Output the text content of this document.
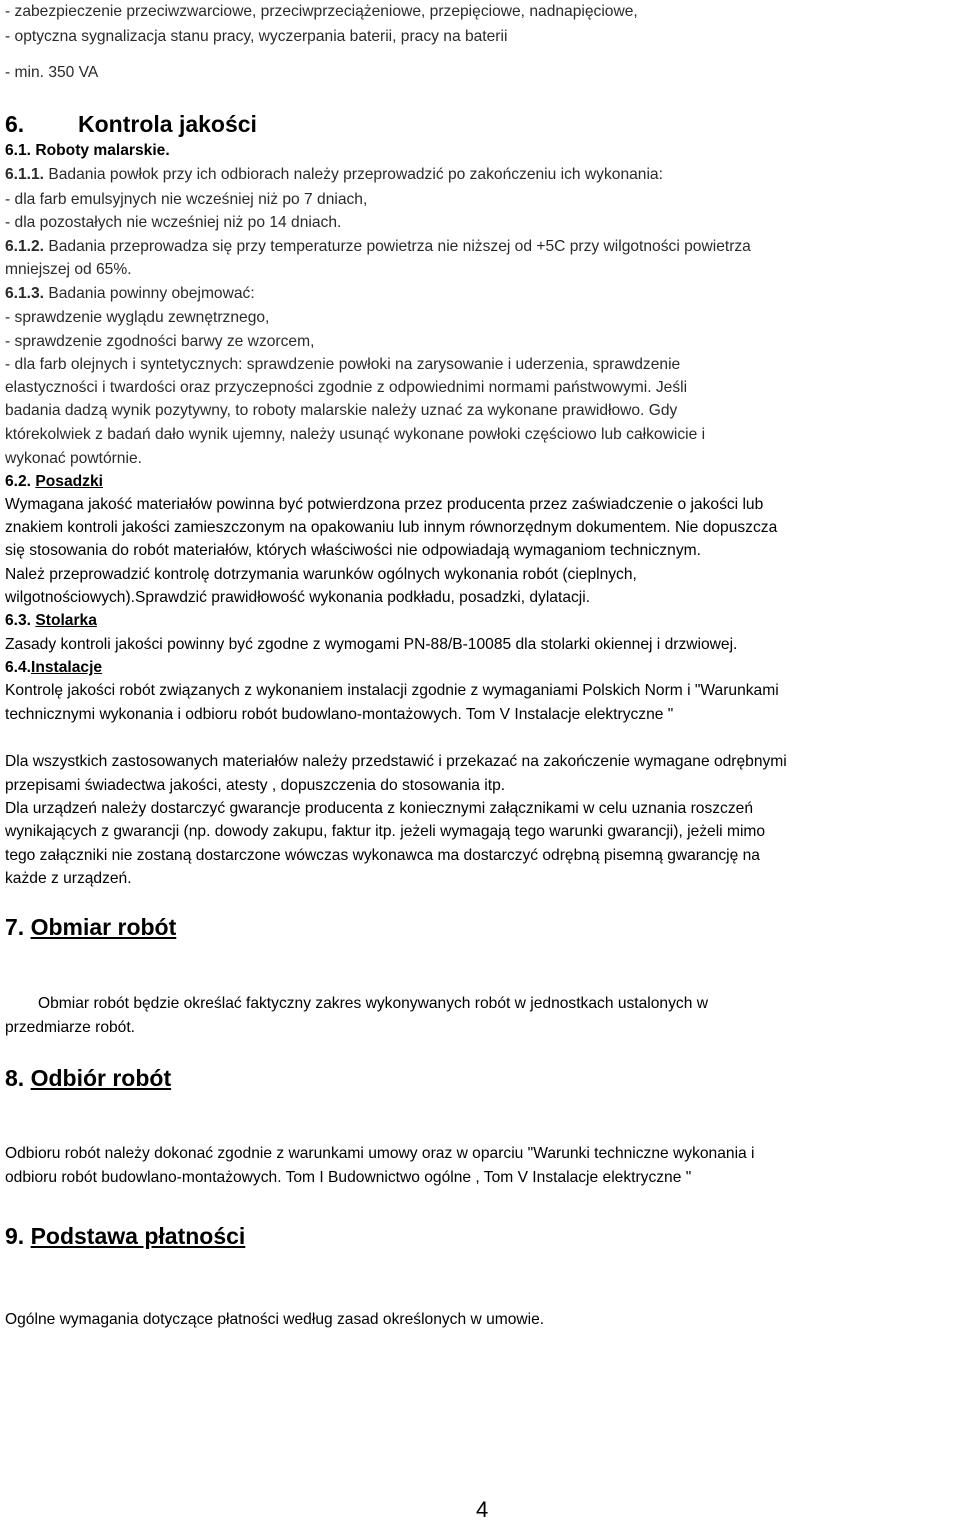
- zabezpieczenie przeciwzwarciowe, przeciwprzeciążeniowe, przepięciowe, nadnapięciowe,
- optyczna sygnalizacja stanu pracy, wyczerpania baterii, pracy na baterii
- min. 350 VA
6. Kontrola jakości
6.1. Roboty malarskie.
6.1.1. Badania powłok przy ich odbiorach należy przeprowadzić po zakończeniu ich wykonania:
- dla farb emulsyjnych nie wcześniej niż po 7 dniach,
- dla pozostałych nie wcześniej niż po 14 dniach.
6.1.2. Badania przeprowadza się przy temperaturze powietrza nie niższej od +5C przy wilgotności powietrza
mniejszej od 65%.
6.1.3. Badania powinny obejmować:
- sprawdzenie wyglądu zewnętrznego,
- sprawdzenie zgodności barwy ze wzorcem,
- dla farb olejnych i syntetycznych: sprawdzenie powłoki na zarysowanie i uderzenia, sprawdzenie
elastyczności i twardości oraz przyczepności zgodnie z odpowiednimi normami państwowymi. Jeśli
badania dadzą wynik pozytywny, to roboty malarskie należy uznać za wykonane prawidłowo. Gdy
którekolwiek z badań dało wynik ujemny, należy usunąć wykonane powłoki częściowo lub całkowicie i
wykonać powtórnie.
6.2. Posadzki
Wymagana jakość materiałów powinna być potwierdzona przez producenta przez zaświadczenie o jakości lub
znakiem kontroli jakości zamieszczonym na opakowaniu lub innym równorzędnym dokumentem. Nie dopuszcza
się stosowania do robót materiałów, których właściwości nie odpowiadają wymaganiom technicznym.
Należ przeprowadzić kontrolę dotrzymania warunków ogólnych wykonania robót (cieplnych,
wilgotnościowych).Sprawdzić prawidłowość wykonania podkładu, posadzki, dylatacji.
6.3. Stolarka
Zasady kontroli jakości powinny być zgodne z wymogami PN-88/B-10085 dla stolarki okiennej i drzwiowej.
6.4.Instalacje
Kontrolę jakości robót związanych z wykonaniem instalacji zgodnie z wymaganiami Polskich Norm i "Warunkami
technicznymi wykonania i odbioru robót budowlano-montażowych. Tom V Instalacje elektryczne "
Dla wszystkich zastosowanych materiałów należy przedstawić i przekazać na zakończenie wymagane odrębnymi
przepisami świadectwa jakości, atesty , dopuszczenia do stosowania itp.
Dla urządzeń należy dostarczyć gwarancje producenta z koniecznymi załącznikami w celu uznania roszczeń
wynikających z gwarancji (np. dowody zakupu, faktur itp. jeżeli wymagają tego warunki gwarancji), jeżeli mimo
tego załączniki nie zostaną dostarczone wówczas wykonawca ma dostarczyć odrębną pisemną gwarancję na
każde z urządzeń.
7. Obmiar robót
Obmiar robót będzie określać faktyczny zakres wykonywanych robót w jednostkach ustalonych w
przedmiarze robót.
8. Odbiór robót
Odbioru robót należy dokonać zgodnie z warunkami umowy oraz w oparciu "Warunki techniczne wykonania i
odbioru robót budowlano-montażowych. Tom I Budownictwo ogólne , Tom V Instalacje elektryczne "
9. Podstawa płatności
Ogólne wymagania dotyczące płatności według zasad określonych w umowie.
4
